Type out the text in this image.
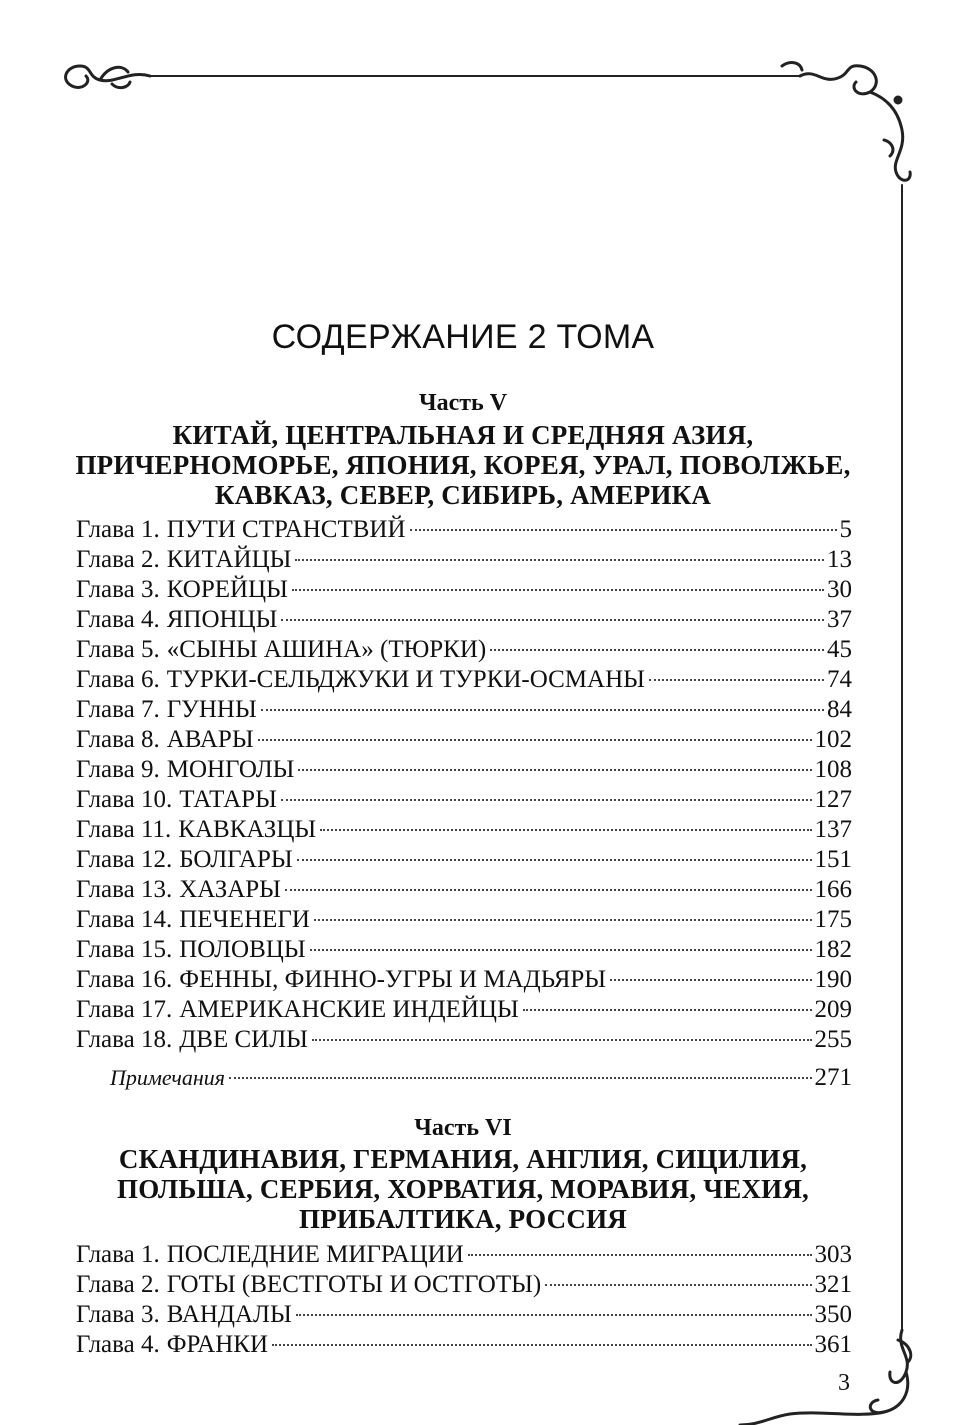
СОДЕРЖАНИЕ 2 ТОМА
Часть V
КИТАЙ, ЦЕНТРАЛЬНАЯ И СРЕДНЯЯ АЗИЯ,
ПРИЧЕРНОМОРЬЕ, ЯПОНИЯ, КОРЕЯ, УРАЛ, ПОВОЛЖЬЕ,
КАВКАЗ, СЕВЕР, СИБИРЬ, АМЕРИКА
Глава 1. ПУТИ СТРАНСТВИЙ	5
Глава 2. КИТАЙЦЫ	13
Глава 3. КОРЕЙЦЫ	30
Глава 4. ЯПОНЦЫ	37
Глава 5. «СЫНЫ АШИНА» (ТЮРКИ)	45
Глава 6. ТУРКИ-СЕЛЬДЖУКИ И ТУРКИ-ОСМАНЫ	74
Глава 7. ГУННЫ	84
Глава 8. АВАРЫ	102
Глава 9. МОНГОЛЫ	108
Глава 10. ТАТАРЫ	127
Глава 11. КАВКАЗЦЫ	137
Глава 12. БОЛГАРЫ	151
Глава 13. ХАЗАРЫ	166
Глава 14. ПЕЧЕНЕГИ	175
Глава 15. ПОЛОВЦЫ	182
Глава 16. ФЕННЫ, ФИННО-УГРЫ И МАДЬЯРЫ	190
Глава 17. АМЕРИКАНСКИЕ ИНДЕЙЦЫ	209
Глава 18. ДВЕ СИЛЫ	255
Примечания	271
Часть VI
СКАНДИНАВИЯ, ГЕРМАНИЯ, АНГЛИЯ, СИЦИЛИЯ,
ПОЛЬША, СЕРБИЯ, ХОРВАТИЯ, МОРАВИЯ, ЧЕХИЯ,
ПРИБАЛТИКА, РОССИЯ
Глава 1. ПОСЛЕДНИЕ МИГРАЦИИ	303
Глава 2. ГОТЫ (ВЕСТГОТЫ И ОСТГОТЫ)	321
Глава 3. ВАНДАЛЫ	350
Глава 4. ФРАНКИ	361
3
